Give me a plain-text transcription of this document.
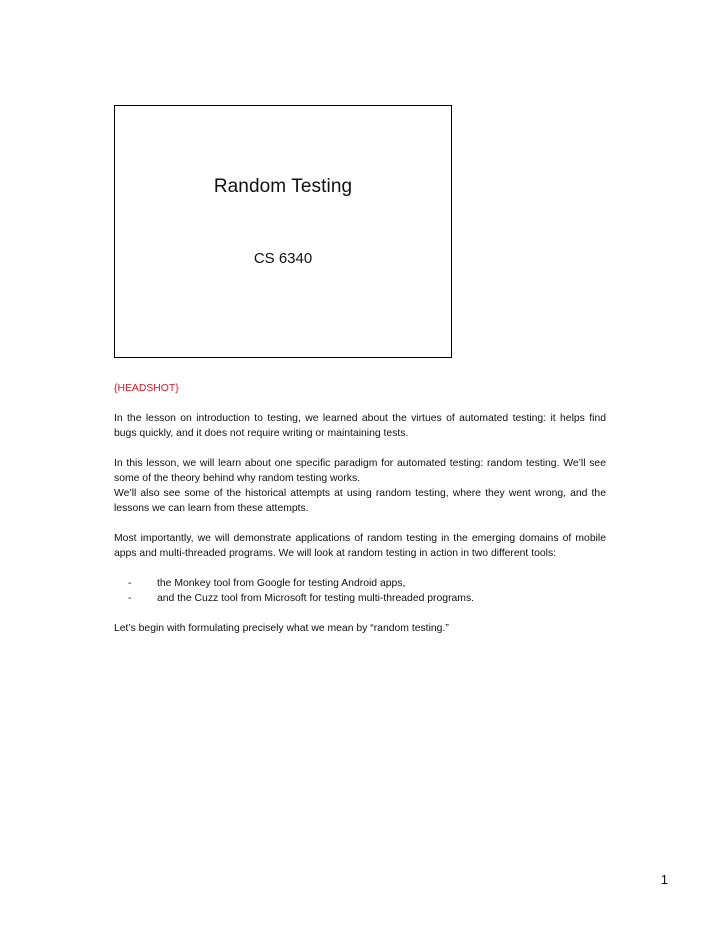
Random Testing
CS 6340
{HEADSHOT}

In the lesson on introduction to testing, we learned about the virtues of automated testing: it helps find bugs quickly, and it does not require writing or maintaining tests.

In this lesson, we will learn about one specific paradigm for automated testing: random testing. We’ll see some of the theory behind why random testing works.

We’ll also see some of the historical attempts at using random testing, where they went wrong, and the lessons we can learn from these attempts.

Most importantly, we will demonstrate applications of random testing in the emerging domains of mobile apps and multi-threaded programs. We will look at random testing in action in two different tools:

-	the Monkey tool from Google for testing Android apps,
-	and the Cuzz tool from Microsoft for testing multi-threaded programs.

Let’s begin with formulating precisely what we mean by “random testing.”

1
